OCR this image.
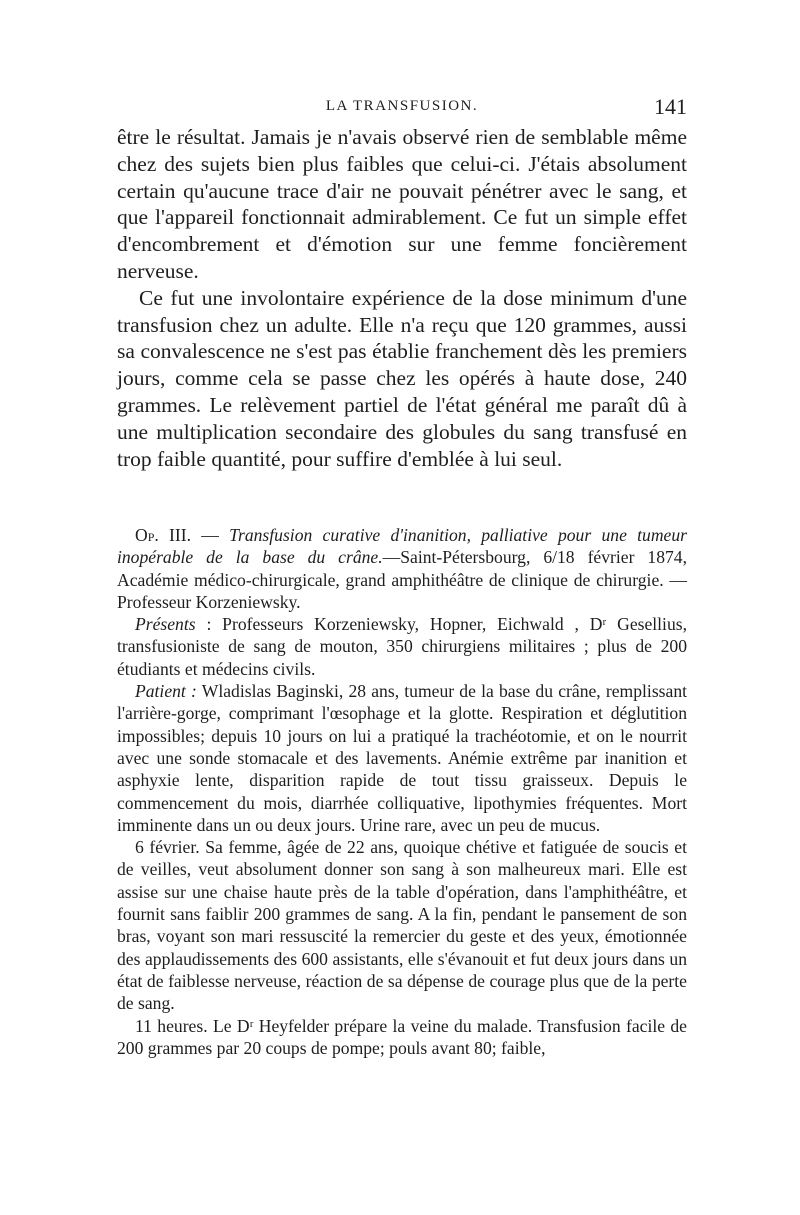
LA TRANSFUSION.	141

être le résultat. Jamais je n'avais observé rien de semblable même chez des sujets bien plus faibles que celui-ci. J'étais absolument certain qu'aucune trace d'air ne pouvait pénétrer avec le sang, et que l'appareil fonctionnait admirablement. Ce fut un simple effet d'encombrement et d'émotion sur une femme foncièrement nerveuse.

Ce fut une involontaire expérience de la dose minimum d'une transfusion chez un adulte. Elle n'a reçu que 120 grammes, aussi sa convalescence ne s'est pas établie franchement dès les premiers jours, comme cela se passe chez les opérés à haute dose, 240 grammes. Le relèvement partiel de l'état général me paraît dû à une multiplication secondaire des globules du sang transfusé en trop faible quantité, pour suffire d'emblée à lui seul.

Op. III. — Transfusion curative d'inanition, palliative pour une tumeur inopérable de la base du crâne.—Saint-Pétersbourg, 6/18 février 1874, Académie médico-chirurgicale, grand amphithéâtre de clinique de chirurgie. — Professeur Korzeniewsky.

Présents : Professeurs Korzeniewsky, Hopner, Eichwald , Dʳ Gesellius, transfusioniste de sang de mouton, 350 chirurgiens militaires ; plus de 200 étudiants et médecins civils.

Patient : Wladislas Baginski, 28 ans, tumeur de la base du crâne, remplissant l'arrière-gorge, comprimant l'œsophage et la glotte. Respiration et déglutition impossibles; depuis 10 jours on lui a pratiqué la trachéotomie, et on le nourrit avec une sonde stomacale et des lavements. Anémie extrême par inanition et asphyxie lente, disparition rapide de tout tissu graisseux. Depuis le commencement du mois, diarrhée colliquative, lipothymies fréquentes. Mort imminente dans un ou deux jours. Urine rare, avec un peu de mucus.

6 février. Sa femme, âgée de 22 ans, quoique chétive et fatiguée de soucis et de veilles, veut absolument donner son sang à son malheureux mari. Elle est assise sur une chaise haute près de la table d'opération, dans l'amphithéâtre, et fournit sans faiblir 200 grammes de sang. A la fin, pendant le pansement de son bras, voyant son mari ressuscité la remercier du geste et des yeux, émotionnée des applaudissements des 600 assistants, elle s'évanouit et fut deux jours dans un état de faiblesse nerveuse, réaction de sa dépense de courage plus que de la perte de sang.

11 heures. Le Dʳ Heyfelder prépare la veine du malade. Transfusion facile de 200 grammes par 20 coups de pompe; pouls avant 80; faible,
